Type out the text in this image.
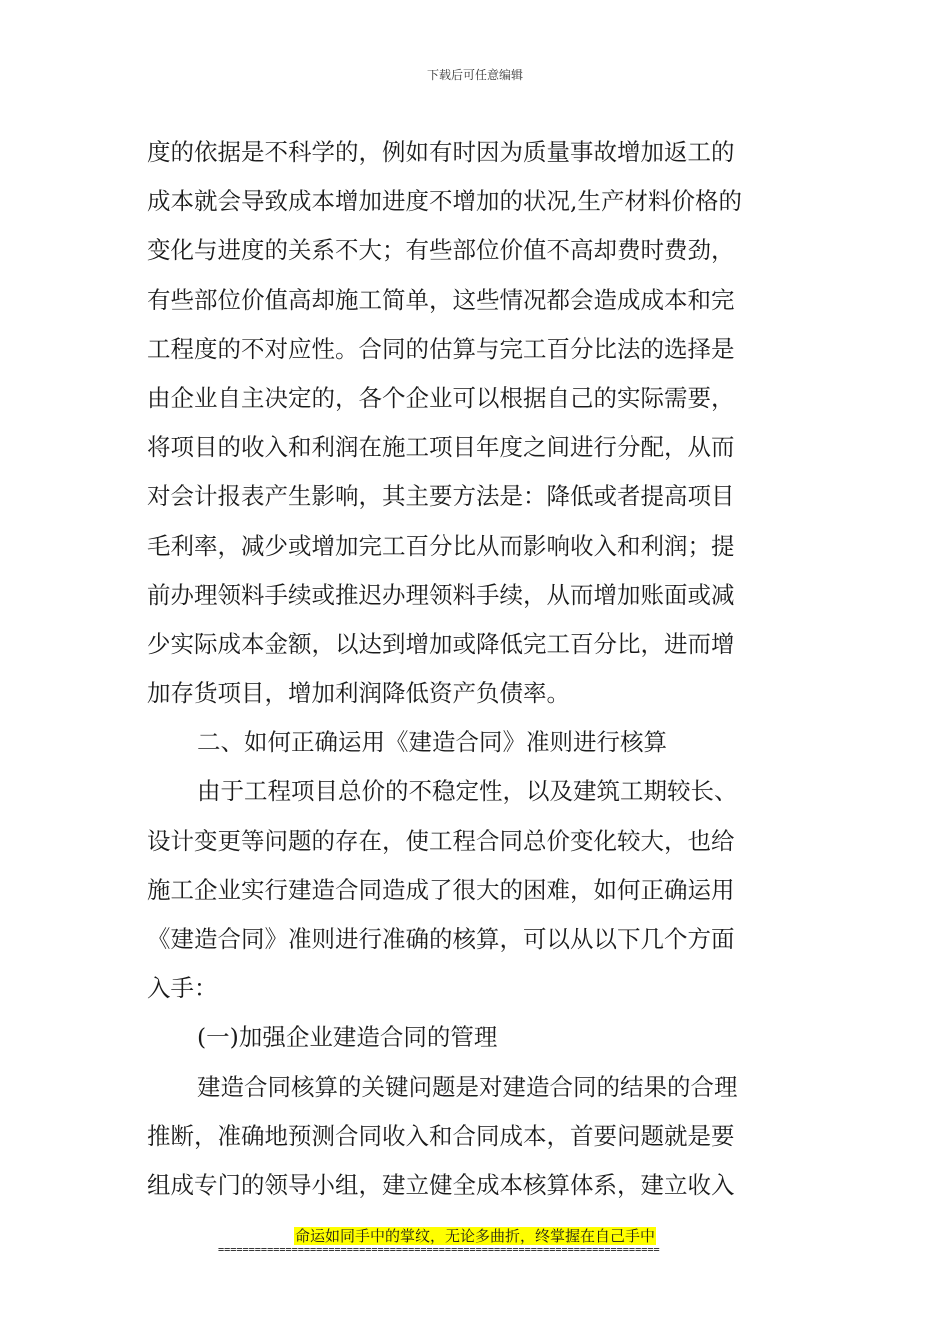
下载后可任意编辑
度的依据是不科学的，例如有时因为质量事故增加返工的
成本就会导致成本增加进度不增加的状况,生产材料价格的
变化与进度的关系不大；有些部位价值不高却费时费劲，
有些部位价值高却施工简单，这些情况都会造成成本和完
工程度的不对应性。合同的估算与完工百分比法的选择是
由企业自主决定的，各个企业可以根据自己的实际需要，
将项目的收入和利润在施工项目年度之间进行分配，从而
对会计报表产生影响，其主要方法是：降低或者提高项目
毛利率，减少或增加完工百分比从而影响收入和利润；提
前办理领料手续或推迟办理领料手续，从而增加账面或减
少实际成本金额，以达到增加或降低完工百分比，进而增
加存货项目，增加利润降低资产负债率。
二、如何正确运用《建造合同》准则进行核算
由于工程项目总价的不稳定性，以及建筑工期较长、
设计变更等问题的存在，使工程合同总价变化较大，也给
施工企业实行建造合同造成了很大的困难，如何正确运用
《建造合同》准则进行准确的核算，可以从以下几个方面
入手：
(一)加强企业建造合同的管理
建造合同核算的关键问题是对建造合同的结果的合理
推断，准确地预测合同收入和合同成本，首要问题就是要
组成专门的领导小组，建立健全成本核算体系，建立收入
命运如同手中的掌纹，无论多曲折，终掌握在自己手中
========================================================================
